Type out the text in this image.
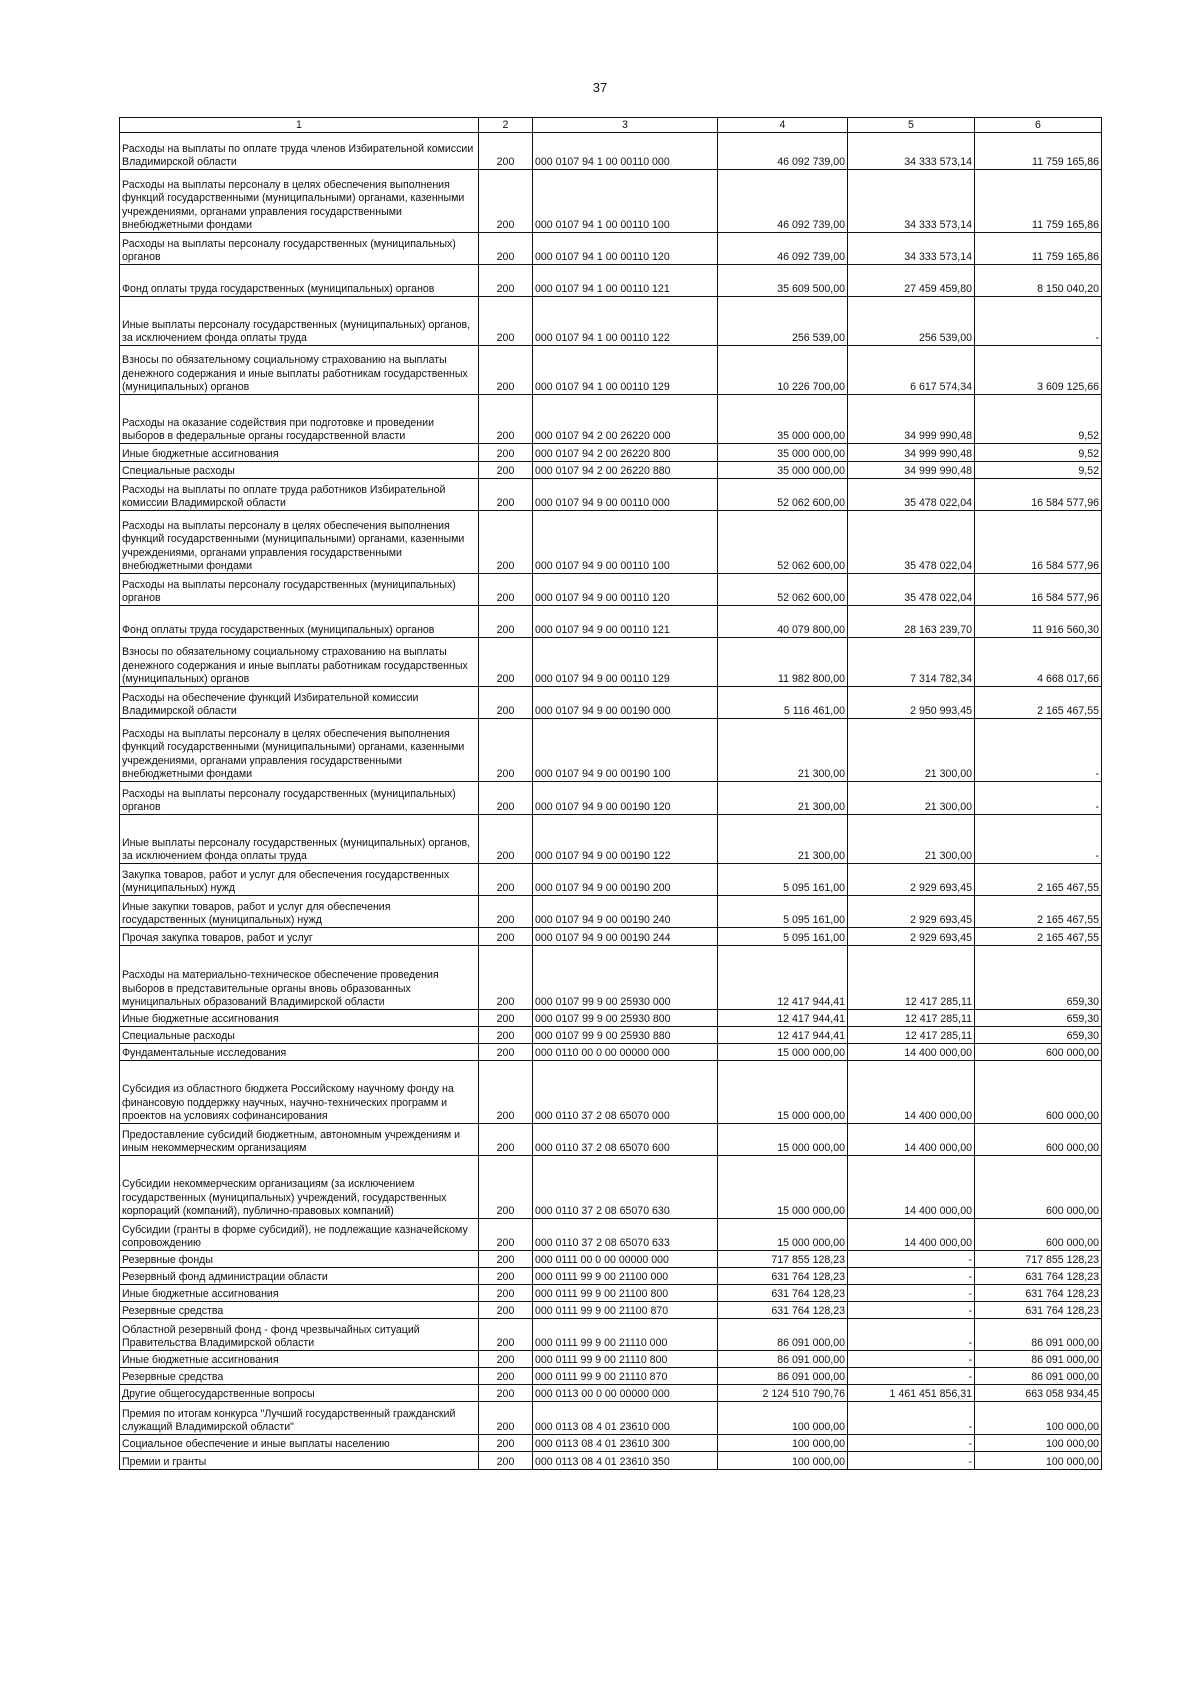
37
1	2	3	4	5	6
Расходы на выплаты по оплате труда членов Избирательной комиссии Владимирской области	200	000 0107 94 1 00 00110 000	46 092 739,00	34 333 573,14	11 759 165,86
Расходы на выплаты персоналу в целях обеспечения выполнения функций государственными (муниципальными) органами, казенными учреждениями, органами управления государственными внебюджетными фондами	200	000 0107 94 1 00 00110 100	46 092 739,00	34 333 573,14	11 759 165,86
Расходы на выплаты персоналу государственных (муниципальных) органов	200	000 0107 94 1 00 00110 120	46 092 739,00	34 333 573,14	11 759 165,86
Фонд оплаты труда государственных (муниципальных) органов	200	000 0107 94 1 00 00110 121	35 609 500,00	27 459 459,80	8 150 040,20
Иные выплаты персоналу государственных (муниципальных) органов, за исключением фонда оплаты труда	200	000 0107 94 1 00 00110 122	256 539,00	256 539,00	-
Взносы по обязательному социальному страхованию на выплаты денежного содержания и иные выплаты работникам государственных (муниципальных) органов	200	000 0107 94 1 00 00110 129	10 226 700,00	6 617 574,34	3 609 125,66
Расходы на оказание содействия при подготовке и проведении выборов в федеральные органы государственной власти	200	000 0107 94 2 00 26220 000	35 000 000,00	34 999 990,48	9,52
Иные бюджетные ассигнования	200	000 0107 94 2 00 26220 800	35 000 000,00	34 999 990,48	9,52
Специальные расходы	200	000 0107 94 2 00 26220 880	35 000 000,00	34 999 990,48	9,52
Расходы на выплаты по оплате труда работников Избирательной комиссии Владимирской области	200	000 0107 94 9 00 00110 000	52 062 600,00	35 478 022,04	16 584 577,96
Расходы на выплаты персоналу в целях обеспечения выполнения функций государственными (муниципальными) органами, казенными учреждениями, органами управления государственными внебюджетными фондами	200	000 0107 94 9 00 00110 100	52 062 600,00	35 478 022,04	16 584 577,96
Расходы на выплаты персоналу государственных (муниципальных) органов	200	000 0107 94 9 00 00110 120	52 062 600,00	35 478 022,04	16 584 577,96
Фонд оплаты труда государственных (муниципальных) органов	200	000 0107 94 9 00 00110 121	40 079 800,00	28 163 239,70	11 916 560,30
Взносы по обязательному социальному страхованию на выплаты денежного содержания и иные выплаты работникам государственных (муниципальных) органов	200	000 0107 94 9 00 00110 129	11 982 800,00	7 314 782,34	4 668 017,66
Расходы на обеспечение функций Избирательной комиссии Владимирской области	200	000 0107 94 9 00 00190 000	5 116 461,00	2 950 993,45	2 165 467,55
Расходы на выплаты персоналу в целях обеспечения выполнения функций государственными (муниципальными) органами, казенными учреждениями, органами управления государственными внебюджетными фондами	200	000 0107 94 9 00 00190 100	21 300,00	21 300,00	-
Расходы на выплаты персоналу государственных (муниципальных) органов	200	000 0107 94 9 00 00190 120	21 300,00	21 300,00	-
Иные выплаты персоналу государственных (муниципальных) органов, за исключением фонда оплаты труда	200	000 0107 94 9 00 00190 122	21 300,00	21 300,00	-
Закупка товаров, работ и услуг для обеспечения государственных (муниципальных) нужд	200	000 0107 94 9 00 00190 200	5 095 161,00	2 929 693,45	2 165 467,55
Иные закупки товаров, работ и услуг для обеспечения государственных (муниципальных) нужд	200	000 0107 94 9 00 00190 240	5 095 161,00	2 929 693,45	2 165 467,55
Прочая закупка товаров, работ и услуг	200	000 0107 94 9 00 00190 244	5 095 161,00	2 929 693,45	2 165 467,55
Расходы на материально-техническое обеспечение проведения выборов в представительные органы вновь образованных муниципальных образований Владимирской области	200	000 0107 99 9 00 25930 000	12 417 944,41	12 417 285,11	659,30
Иные бюджетные ассигнования	200	000 0107 99 9 00 25930 800	12 417 944,41	12 417 285,11	659,30
Специальные расходы	200	000 0107 99 9 00 25930 880	12 417 944,41	12 417 285,11	659,30
Фундаментальные исследования	200	000 0110 00 0 00 00000 000	15 000 000,00	14 400 000,00	600 000,00
Субсидия из областного бюджета Российскому научному фонду на финансовую поддержку научных, научно-технических программ и проектов на условиях софинансирования	200	000 0110 37 2 08 65070 000	15 000 000,00	14 400 000,00	600 000,00
Предоставление субсидий бюджетным, автономным учреждениям и иным некоммерческим организациям	200	000 0110 37 2 08 65070 600	15 000 000,00	14 400 000,00	600 000,00
Субсидии некоммерческим организациям (за исключением государственных (муниципальных) учреждений, государственных корпораций (компаний), публично-правовых компаний)	200	000 0110 37 2 08 65070 630	15 000 000,00	14 400 000,00	600 000,00
Субсидии (гранты в форме субсидий), не подлежащие казначейскому сопровождению	200	000 0110 37 2 08 65070 633	15 000 000,00	14 400 000,00	600 000,00
Резервные фонды	200	000 0111 00 0 00 00000 000	717 855 128,23	-	717 855 128,23
Резервный фонд администрации области	200	000 0111 99 9 00 21100 000	631 764 128,23	-	631 764 128,23
Иные бюджетные ассигнования	200	000 0111 99 9 00 21100 800	631 764 128,23	-	631 764 128,23
Резервные средства	200	000 0111 99 9 00 21100 870	631 764 128,23	-	631 764 128,23
Областной резервный фонд - фонд чрезвычайных ситуаций Правительства Владимирской области	200	000 0111 99 9 00 21110 000	86 091 000,00	-	86 091 000,00
Иные бюджетные ассигнования	200	000 0111 99 9 00 21110 800	86 091 000,00	-	86 091 000,00
Резервные средства	200	000 0111 99 9 00 21110 870	86 091 000,00	-	86 091 000,00
Другие общегосударственные вопросы	200	000 0113 00 0 00 00000 000	2 124 510 790,76	1 461 451 856,31	663 058 934,45
Премия по итогам конкурса "Лучший государственный гражданский служащий Владимирской области"	200	000 0113 08 4 01 23610 000	100 000,00	-	100 000,00
Социальное обеспечение и иные выплаты населению	200	000 0113 08 4 01 23610 300	100 000,00	-	100 000,00
Премии и гранты	200	000 0113 08 4 01 23610 350	100 000,00	-	100 000,00
